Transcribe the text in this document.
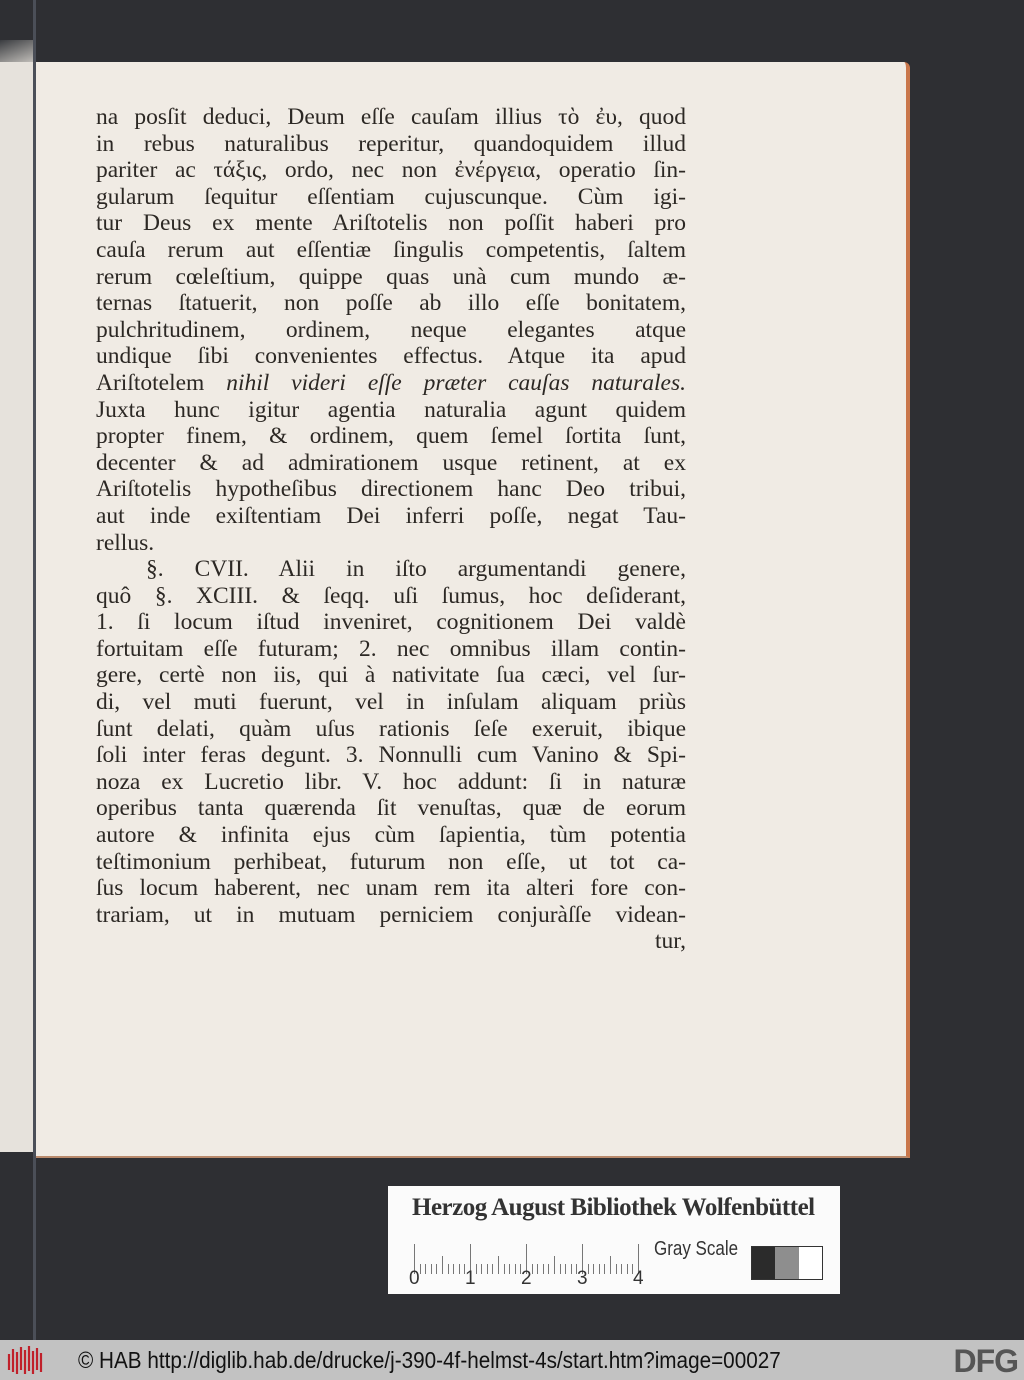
na posſit deduci, Deum eſſe cauſam illius τὸ ἐυ, quod
in rebus naturalibus reperitur, quandoquidem illud
pariter ac τάξις, ordo, nec non ἐνέργεια, operatio ſin-
gularum ſequitur eſſentiam cujuscunque. Cùm igi-
tur Deus ex mente Ariſtotelis non poſſit haberi pro
cauſa rerum aut eſſentiæ ſingulis competentis, ſaltem
rerum cœleſtium, quippe quas unà cum mundo æ-
ternas ſtatuerit, non poſſe ab illo eſſe bonitatem,
pulchritudinem, ordinem, neque elegantes atque
undique ſibi convenientes effectus. Atque ita apud
Ariſtotelem nihil videri eſſe præter cauſas naturales.
Juxta hunc igitur agentia naturalia agunt quidem
propter finem, & ordinem, quem ſemel ſortita ſunt,
decenter & ad admirationem usque retinent, at ex
Ariſtotelis hypotheſibus directionem hanc Deo tribui,
aut inde exiſtentiam Dei inferri poſſe, negat Tau-
rellus.
§. CVII. Alii in iſto argumentandi genere,
quô §. XCIII. & ſeqq. uſi ſumus, hoc deſiderant,
1. ſi locum iſtud inveniret, cognitionem Dei valdè
fortuitam eſſe futuram; 2. nec omnibus illam contin-
gere, certè non iis, qui à nativitate ſua cæci, vel ſur-
di, vel muti fuerunt, vel in inſulam aliquam priùs
ſunt delati, quàm uſus rationis ſeſe exeruit, ibique
ſoli inter feras degunt. 3. Nonnulli cum Vanino & Spi-
noza ex Lucretio libr. V. hoc addunt: ſi in naturæ
operibus tanta quærenda ſit venuſtas, quæ de eorum
autore & infinita ejus cùm ſapientia, tùm potentia
teſtimonium perhibeat, futurum non eſſe, ut tot ca-
ſus locum haberent, nec unam rem ita alteri fore con-
trariam, ut in mutuam perniciem conjuràſſe videan-
tur,
Herzog August Bibliothek Wolfenbüttel
Gray Scale
0 1 2 3 4
© HAB http://diglib.hab.de/drucke/j-390-4f-helmst-4s/start.htm?image=00027	DFG
